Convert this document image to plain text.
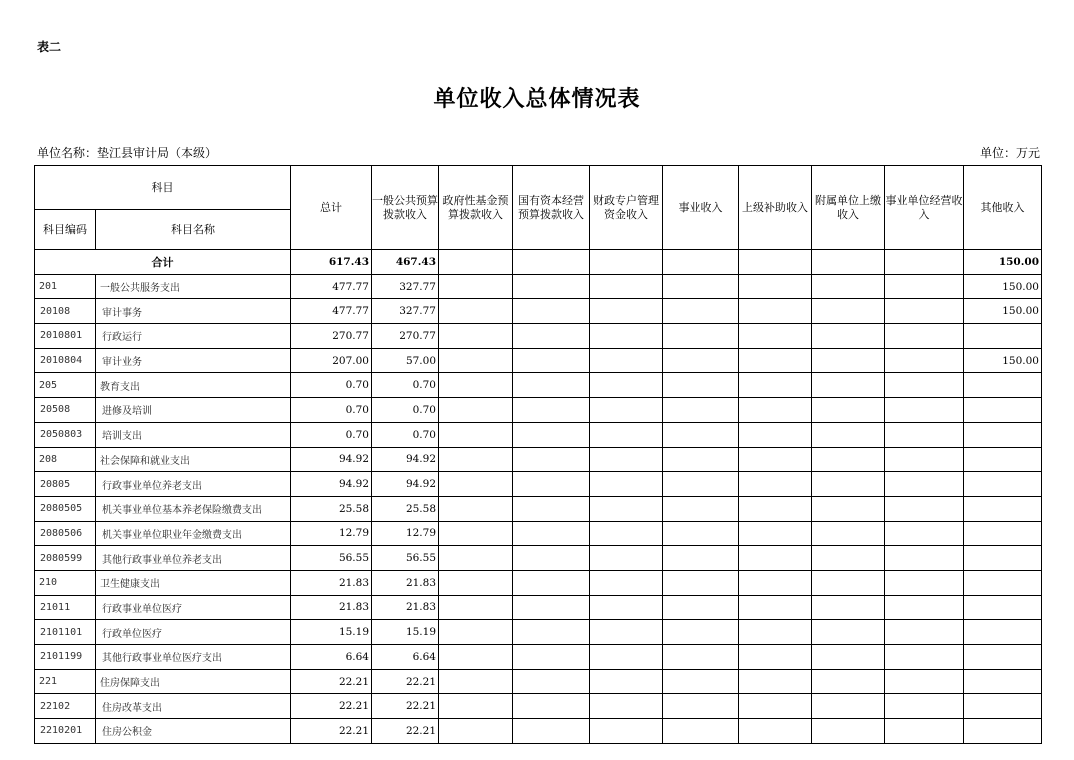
表二
单位收入总体情况表
单位名称：垫江县审计局（本级）	单位：万元
科目		总计	一般公共预算拨款收入	政府性基金预算拨款收入	国有资本经营预算拨款收入	财政专户管理资金收入	事业收入	上级补助收入	附属单位上缴收入	事业单位经营收入	其他收入
科目编码	科目名称										
合计		617.43	467.43								150.00
201	一般公共服务支出	477.77	327.77								150.00
20108	审计事务	477.77	327.77								150.00
2010801	行政运行	270.77	270.77								
2010804	审计业务	207.00	57.00								150.00
205	教育支出	0.70	0.70								
20508	进修及培训	0.70	0.70								
2050803	培训支出	0.70	0.70								
208	社会保障和就业支出	94.92	94.92								
20805	行政事业单位养老支出	94.92	94.92								
2080505	机关事业单位基本养老保险缴费支出	25.58	25.58								
2080506	机关事业单位职业年金缴费支出	12.79	12.79								
2080599	其他行政事业单位养老支出	56.55	56.55								
210	卫生健康支出	21.83	21.83								
21011	行政事业单位医疗	21.83	21.83								
2101101	行政单位医疗	15.19	15.19								
2101199	其他行政事业单位医疗支出	6.64	6.64								
221	住房保障支出	22.21	22.21								
22102	住房改革支出	22.21	22.21								
2210201	住房公积金	22.21	22.21								
